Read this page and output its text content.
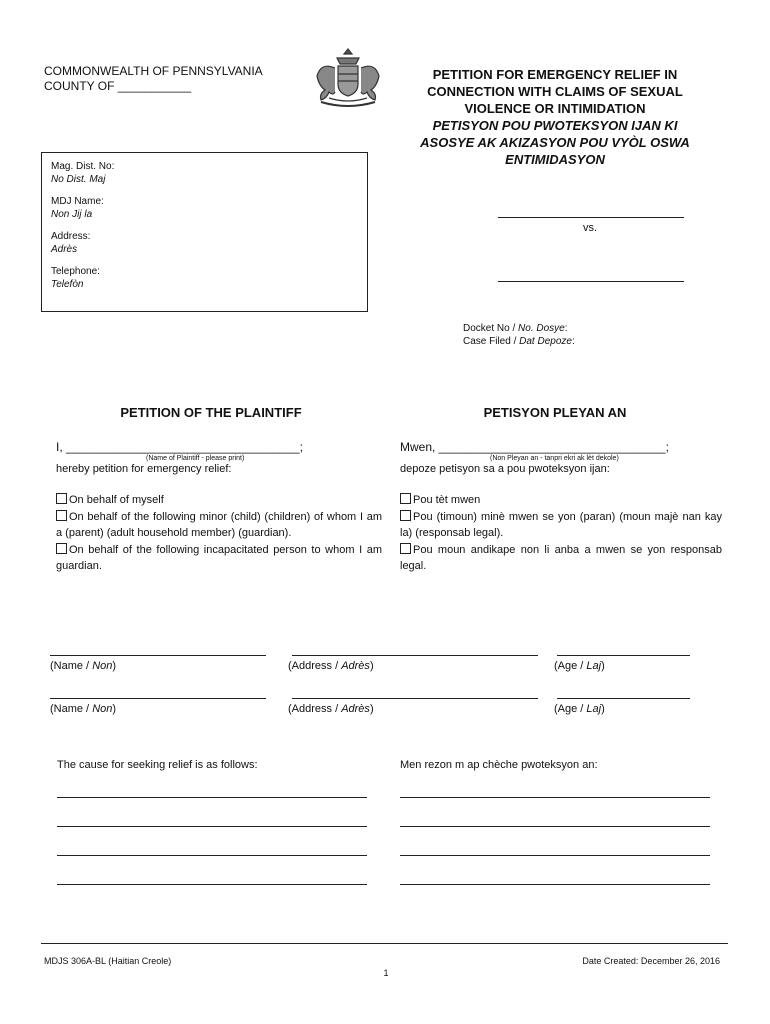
COMMONWEALTH OF PENNSYLVANIA
COUNTY OF ___________
PETITION FOR EMERGENCY RELIEF IN
CONNECTION WITH CLAIMS OF SEXUAL
VIOLENCE OR INTIMIDATION
PETISYON POU PWOTEKSYON IJAN KI
ASOSYE AK AKIZASYON POU VYÒL OSWA
ENTIMIDASYON
Mag. Dist. No:
No Dist. Maj
MDJ Name:
Non Jij la
Address:
Adrès
Telephone:
Telefòn
vs.
Docket No / No. Dosye:
Case Filed / Dat Depoze:
PETITION OF THE PLAINTIFF	PETISYON PLEYAN AN
I, ___________________________________;
(Name of Plaintiff - please print)
hereby petition for emergency relief:
On behalf of myself
On behalf of the following minor (child) (children) of whom I am a (parent) (adult household member) (guardian).
On behalf of the following incapacitated person to whom I am guardian.
Mwen, __________________________________;
(Non Pleyan an - tanpri ekri ak lèt dekole)
depoze petisyon sa a pou pwoteksyon ijan:
Pou tèt mwen
Pou (timoun) minè mwen se yon (paran) (moun majè nan kay la) (responsab legal).
Pou moun andikape non li anba a mwen se yon responsab legal.
(Name / Non)	(Address / Adrès)	(Age / Laj)
(Name / Non)	(Address / Adrès)	(Age / Laj)
The cause for seeking relief is as follows:	Men rezon m ap chèche pwoteksyon an:
MDJS 306A-BL (Haitian Creole)	Date Created: December 26, 2016
1
